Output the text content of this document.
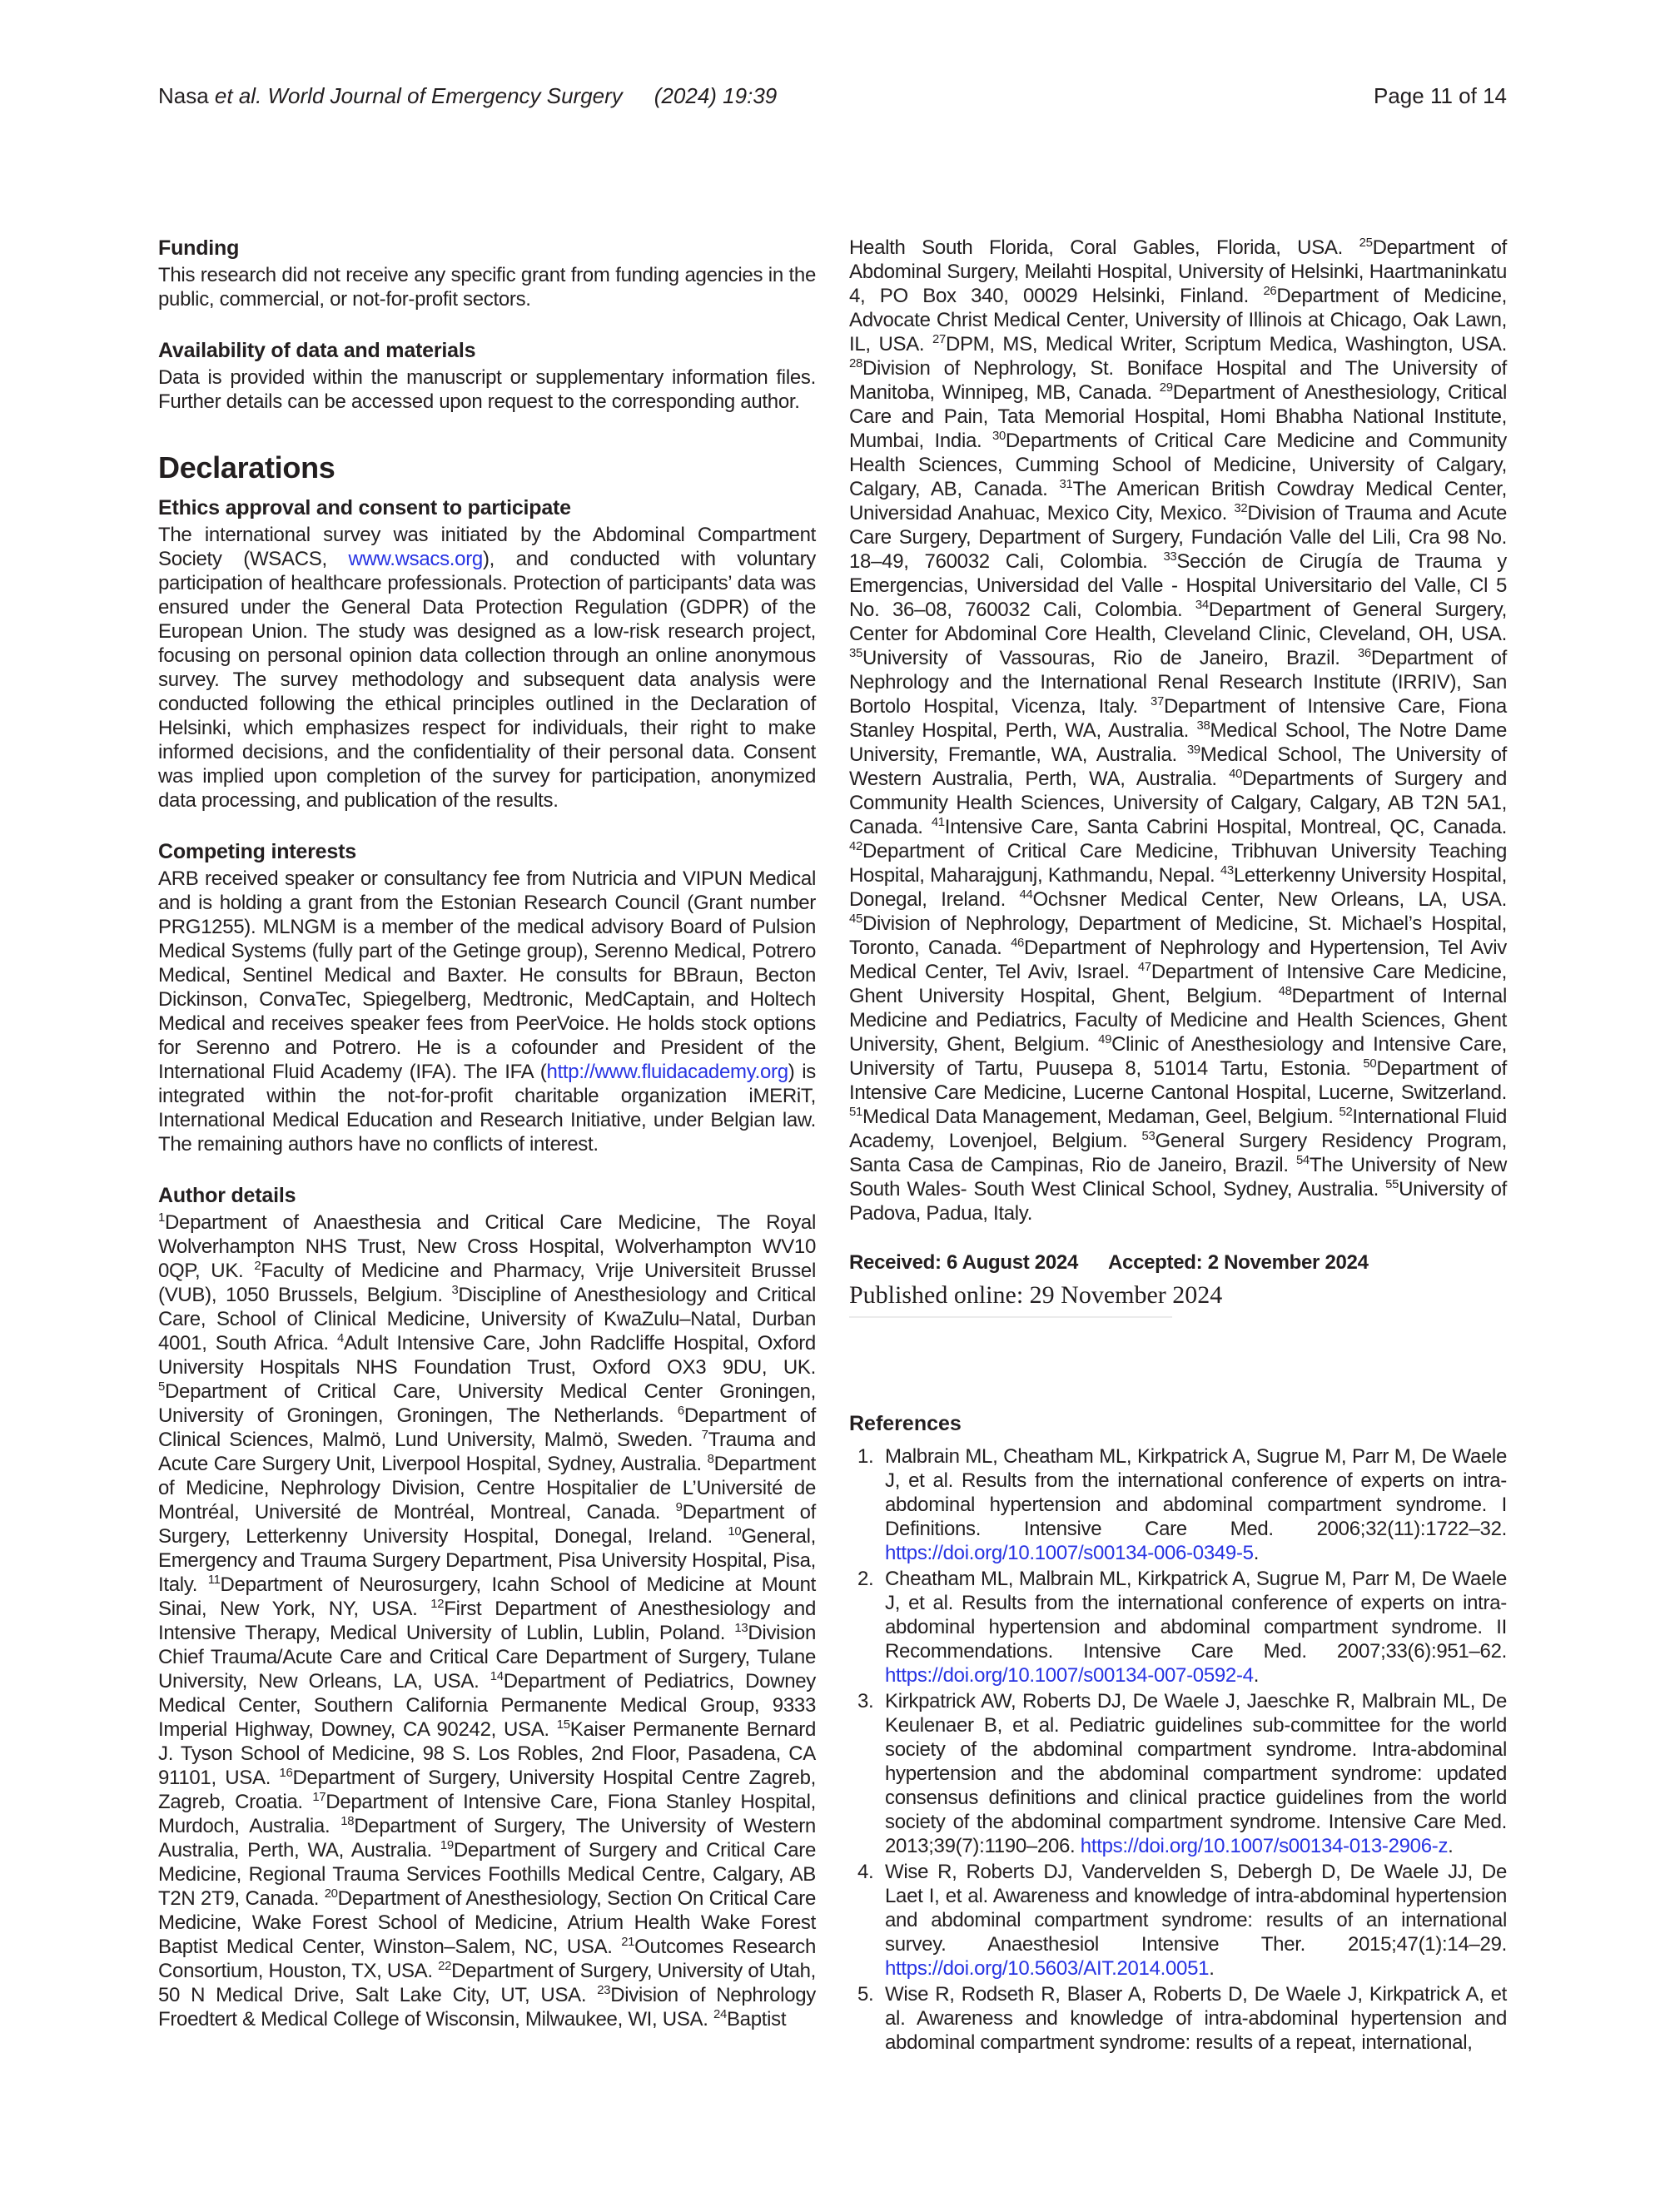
Nasa et al. World Journal of Emergency Surgery (2024) 19:39	Page 11 of 14
Funding

This research did not receive any specific grant from funding agencies in the public, commercial, or not-for-profit sectors.

Availability of data and materials

Data is provided within the manuscript or supplementary information files. Further details can be accessed upon request to the corresponding author.

Declarations
Ethics approval and consent to participate

The international survey was initiated by the Abdominal Compartment Society (WSACS, www.wsacs.org), and conducted with voluntary participation of healthcare professionals. Protection of participants’ data was ensured under the General Data Protection Regulation (GDPR) of the European Union. The study was designed as a low-risk research project, focusing on personal opinion data collection through an online anonymous survey. The survey methodology and subsequent data analysis were conducted following the ethical principles outlined in the Declaration of Helsinki, which emphasizes respect for individuals, their right to make informed decisions, and the confidentiality of their personal data. Consent was implied upon completion of the survey for participation, anonymized data processing, and publication of the results.

Competing interests

ARB received speaker or consultancy fee from Nutricia and VIPUN Medical and is holding a grant from the Estonian Research Council (Grant number PRG1255). MLNGM is a member of the medical advisory Board of Pulsion Medical Systems (fully part of the Getinge group), Serenno Medical, Potrero Medical, Sentinel Medical and Baxter. He consults for BBraun, Becton Dickinson, ConvaTec, Spiegelberg, Medtronic, MedCaptain, and Holtech Medical and receives speaker fees from PeerVoice. He holds stock options for Serenno and Potrero. He is a cofounder and President of the International Fluid Academy (IFA). The IFA (http://www.fluidacademy.org) is integrated within the not-for-profit charitable organization iMERiT, International Medical Education and Research Initiative, under Belgian law. The remaining authors have no conflicts of interest.

Author details

$^1$Department of Anaesthesia and Critical Care Medicine, The Royal Wolverhampton NHS Trust, New Cross Hospital, Wolverhampton WV10 0QP, UK. $^2$Faculty of Medicine and Pharmacy, Vrije Universiteit Brussel (VUB), 1050 Brussels, Belgium. $^3$Discipline of Anesthesiology and Critical Care, School of Clinical Medicine, University of KwaZulu–Natal, Durban 4001, South Africa. $^4$Adult Intensive Care, John Radcliffe Hospital, Oxford University Hospitals NHS Foundation Trust, Oxford OX3 9DU, UK. $^5$Department of Critical Care, University Medical Center Groningen, University of Groningen, Groningen, The Netherlands. $^6$Department of Clinical Sciences, Malmö, Lund University, Malmö, Sweden. $^7$Trauma and Acute Care Surgery Unit, Liverpool Hospital, Sydney, Australia. $^8$Department of Medicine, Nephrology Division, Centre Hospitalier de L’Université de Montréal, Université de Montréal, Montreal, Canada. $^9$Department of Surgery, Letterkenny University Hospital, Donegal, Ireland. $^{10}$General, Emergency and Trauma Surgery Department, Pisa University Hospital, Pisa, Italy. $^{11}$Department of Neurosurgery, Icahn School of Medicine at Mount Sinai, New York, NY, USA. $^{12}$First Department of Anesthesiology and Intensive Therapy, Medical University of Lublin, Lublin, Poland. $^{13}$Division Chief Trauma/Acute Care and Critical Care Department of Surgery, Tulane University, New Orleans, LA, USA. $^{14}$Department of Pediatrics, Downey Medical Center, Southern California Permanente Medical Group, 9333 Imperial Highway, Downey, CA 90242, USA. $^{15}$Kaiser Permanente Bernard J. Tyson School of Medicine, 98 S. Los Robles, 2nd Floor, Pasadena, CA 91101, USA. $^{16}$Department of Surgery, University Hospital Centre Zagreb, Zagreb, Croatia. $^{17}$Department of Intensive Care, Fiona Stanley Hospital, Murdoch, Australia. $^{18}$Department of Surgery, The University of Western Australia, Perth, WA, Australia. $^{19}$Department of Surgery and Critical Care Medicine, Regional Trauma Services Foothills Medical Centre, Calgary, AB T2N 2T9, Canada. $^{20}$Department of Anesthesiology, Section On Critical Care Medicine, Wake Forest School of Medicine, Atrium Health Wake Forest Baptist Medical Center, Winston–Salem, NC, USA. $^{21}$Outcomes Research Consortium, Houston, TX, USA. $^{22}$Department of Surgery, University of Utah, 50 N Medical Drive, Salt Lake City, UT, USA. $^{23}$Division of Nephrology Froedtert & Medical College of Wisconsin, Milwaukee, WI, USA. $^{24}$Baptist

Health South Florida, Coral Gables, Florida, USA. $^{25}$Department of Abdominal Surgery, Meilahti Hospital, University of Helsinki, Haartmaninkatu 4, PO Box 340, 00029 Helsinki, Finland. $^{26}$Department of Medicine, Advocate Christ Medical Center, University of Illinois at Chicago, Oak Lawn, IL, USA. $^{27}$DPM, MS, Medical Writer, Scriptum Medica, Washington, USA. $^{28}$Division of Nephrology, St. Boniface Hospital and The University of Manitoba, Winnipeg, MB, Canada. $^{29}$Department of Anesthesiology, Critical Care and Pain, Tata Memorial Hospital, Homi Bhabha National Institute, Mumbai, India. $^{30}$Departments of Critical Care Medicine and Community Health Sciences, Cumming School of Medicine, University of Calgary, Calgary, AB, Canada. $^{31}$The American British Cowdray Medical Center, Universidad Anahuac, Mexico City, Mexico. $^{32}$Division of Trauma and Acute Care Surgery, Department of Surgery, Fundación Valle del Lili, Cra 98 No. 18–49, 760032 Cali, Colombia. $^{33}$Sección de Cirugía de Trauma y Emergencias, Universidad del Valle - Hospital Universitario del Valle, Cl 5 No. 36–08, 760032 Cali, Colombia. $^{34}$Department of General Surgery, Center for Abdominal Core Health, Cleveland Clinic, Cleveland, OH, USA. $^{35}$University of Vassouras, Rio de Janeiro, Brazil. $^{36}$Department of Nephrology and the International Renal Research Institute (IRRIV), San Bortolo Hospital, Vicenza, Italy. $^{37}$Department of Intensive Care, Fiona Stanley Hospital, Perth, WA, Australia. $^{38}$Medical School, The Notre Dame University, Fremantle, WA, Australia. $^{39}$Medical School, The University of Western Australia, Perth, WA, Australia. $^{40}$Departments of Surgery and Community Health Sciences, University of Calgary, Calgary, AB T2N 5A1, Canada. $^{41}$Intensive Care, Santa Cabrini Hospital, Montreal, QC, Canada. $^{42}$Department of Critical Care Medicine, Tribhuvan University Teaching Hospital, Maharajgunj, Kathmandu, Nepal. $^{43}$Letterkenny University Hospital, Donegal, Ireland. $^{44}$Ochsner Medical Center, New Orleans, LA, USA. $^{45}$Division of Nephrology, Department of Medicine, St. Michael’s Hospital, Toronto, Canada. $^{46}$Department of Nephrology and Hypertension, Tel Aviv Medical Center, Tel Aviv, Israel. $^{47}$Department of Intensive Care Medicine, Ghent University Hospital, Ghent, Belgium. $^{48}$Department of Internal Medicine and Pediatrics, Faculty of Medicine and Health Sciences, Ghent University, Ghent, Belgium. $^{49}$Clinic of Anesthesiology and Intensive Care, University of Tartu, Puusepa 8, 51014 Tartu, Estonia. $^{50}$Department of Intensive Care Medicine, Lucerne Cantonal Hospital, Lucerne, Switzerland. $^{51}$Medical Data Management, Medaman, Geel, Belgium. $^{52}$International Fluid Academy, Lovenjoel, Belgium. $^{53}$General Surgery Residency Program, Santa Casa de Campinas, Rio de Janeiro, Brazil. $^{54}$The University of New South Wales- South West Clinical School, Sydney, Australia. $^{55}$University of Padova, Padua, Italy.

Received: 6 August 2024 Accepted: 2 November 2024

Published online: 29 November 2024

References
1. Malbrain ML, Cheatham ML, Kirkpatrick A, Sugrue M, Parr M, De Waele J, et al. Results from the international conference of experts on intra-abdominal hypertension and abdominal compartment syndrome. I Definitions. Intensive Care Med. 2006;32(11):1722–32. https://doi.org/10.1007/s00134-006-0349-5.
2. Cheatham ML, Malbrain ML, Kirkpatrick A, Sugrue M, Parr M, De Waele J, et al. Results from the international conference of experts on intra-abdominal hypertension and abdominal compartment syndrome. II Recommendations. Intensive Care Med. 2007;33(6):951–62. https://doi.org/10.1007/s00134-007-0592-4.
3. Kirkpatrick AW, Roberts DJ, De Waele J, Jaeschke R, Malbrain ML, De Keulenaer B, et al. Pediatric guidelines sub-committee for the world society of the abdominal compartment syndrome. Intra-abdominal hypertension and the abdominal compartment syndrome: updated consensus definitions and clinical practice guidelines from the world society of the abdominal compartment syndrome. Intensive Care Med. 2013;39(7):1190–206. https://doi.org/10.1007/s00134-013-2906-z.
4. Wise R, Roberts DJ, Vandervelden S, Debergh D, De Waele JJ, De Laet I, et al. Awareness and knowledge of intra-abdominal hypertension and abdominal compartment syndrome: results of an international survey. Anaesthesiol Intensive Ther. 2015;47(1):14–29. https://doi.org/10.5603/AIT.2014.0051.
5. Wise R, Rodseth R, Blaser A, Roberts D, De Waele J, Kirkpatrick A, et al. Awareness and knowledge of intra-abdominal hypertension and abdominal compartment syndrome: results of a repeat, international,
